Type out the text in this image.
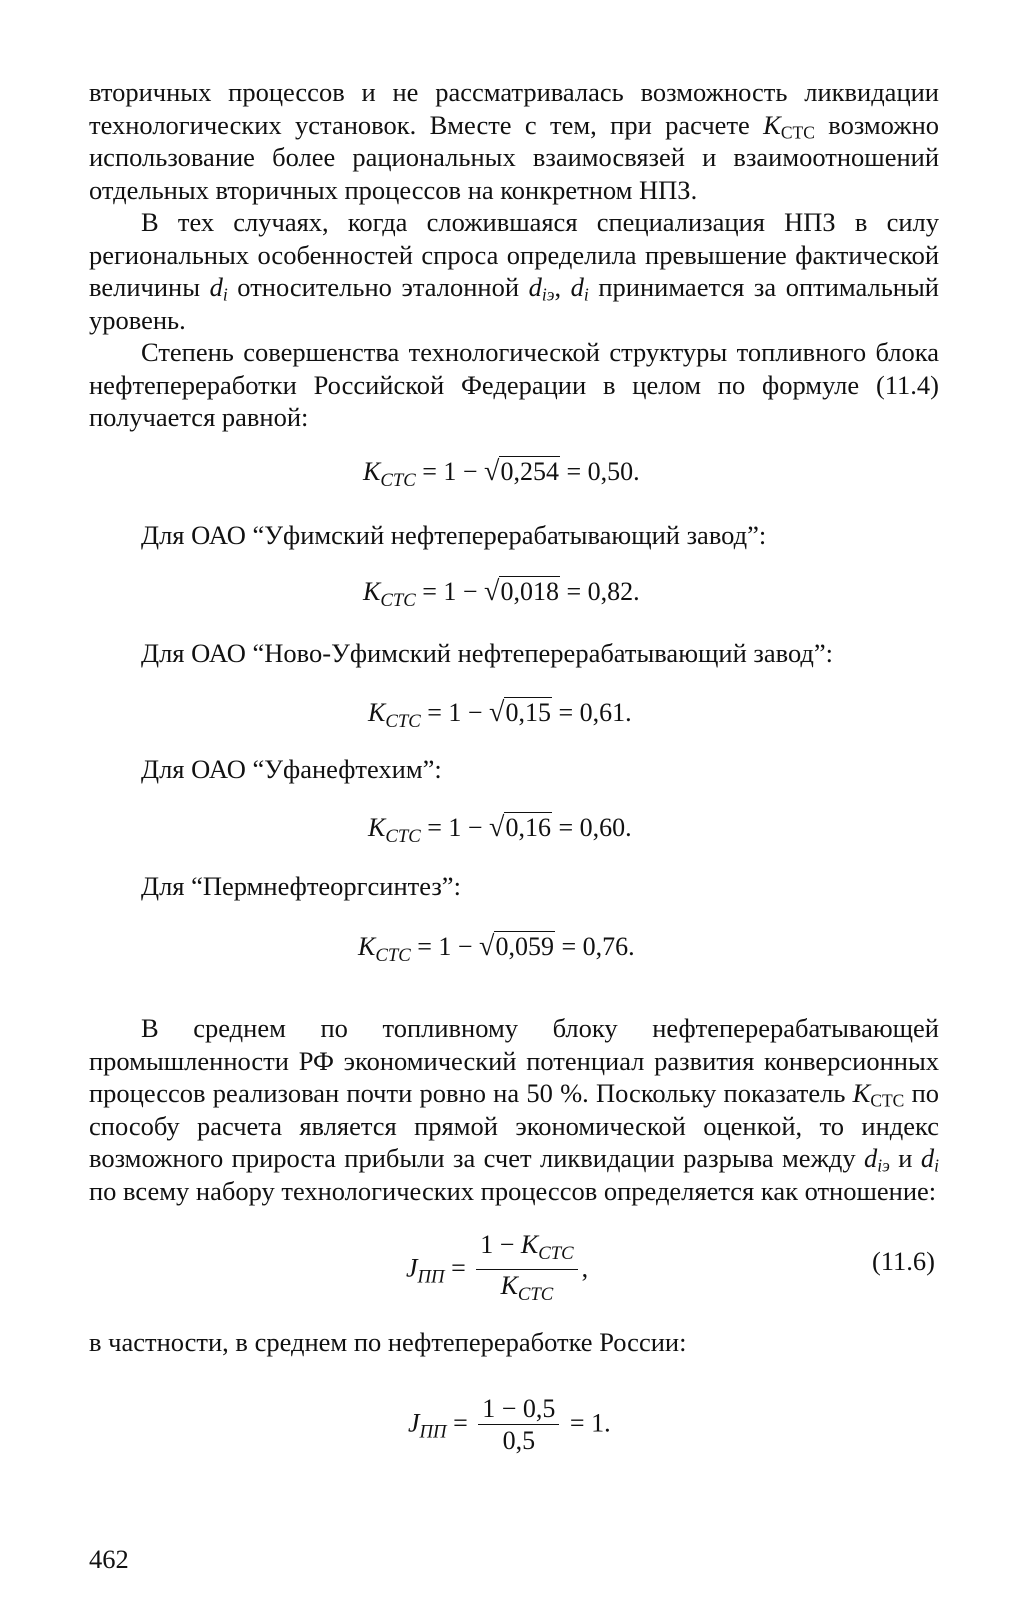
вторичных процессов и не рассматривалась возможность ликвидации технологических установок. Вместе с тем, при расчете $K_{СТС}$ возможно использование более рациональных взаимосвязей и взаимоотношений отдельных вторичных процессов на конкретном НПЗ.

В тех случаях, когда сложившаяся специализация НПЗ в силу региональных особенностей спроса определила превышение фактической величины $d_i$ относительно эталонной $d_{iэ}$, $d_i$ принимается за оптимальный уровень.

Степень совершенства технологической структуры топливного блока нефтепереработки Российской Федерации в целом по формуле (11.4) получается равной:

$K_{CTC} = 1 - √0,254 = 0,50$.
Для ОАО “Уфимский нефтеперерабатывающий завод”:
$K_{CTC} = 1 - √0,018 = 0,82$.
Для ОАО “Ново-Уфимский нефтеперерабатывающий завод”:
$K_{CTC} = 1 - √0,15 = 0,61$.
Для ОАО “Уфанефтехим”:
$K_{CTC} = 1 - √0,16 = 0,60$.
Для “Пермнефтеоргсинтез”:
$K_{CTC} = 1 - √0,059 = 0,76$.

В среднем по топливному блоку нефтеперерабатывающей промышленности РФ экономический потенциал развития конверсионных процессов реализован почти ровно на 50 %. Поскольку показатель $K_{СТС}$ по способу расчета является прямой экономической оценкой, то индекс возможного прироста прибыли за счет ликвидации разрыва между $d_{iэ}$ и $d_i$ по всему набору технологических процессов определяется как отношение:

$J_{ПП} = \frac{1 - K_{CTC}}{K_{CTC}}$ ,	(11.6)

в частности, в среднем по нефтепереработке России:

$J_{ПП} = \frac{1 - 0,5}{0,5} = 1$.
462
